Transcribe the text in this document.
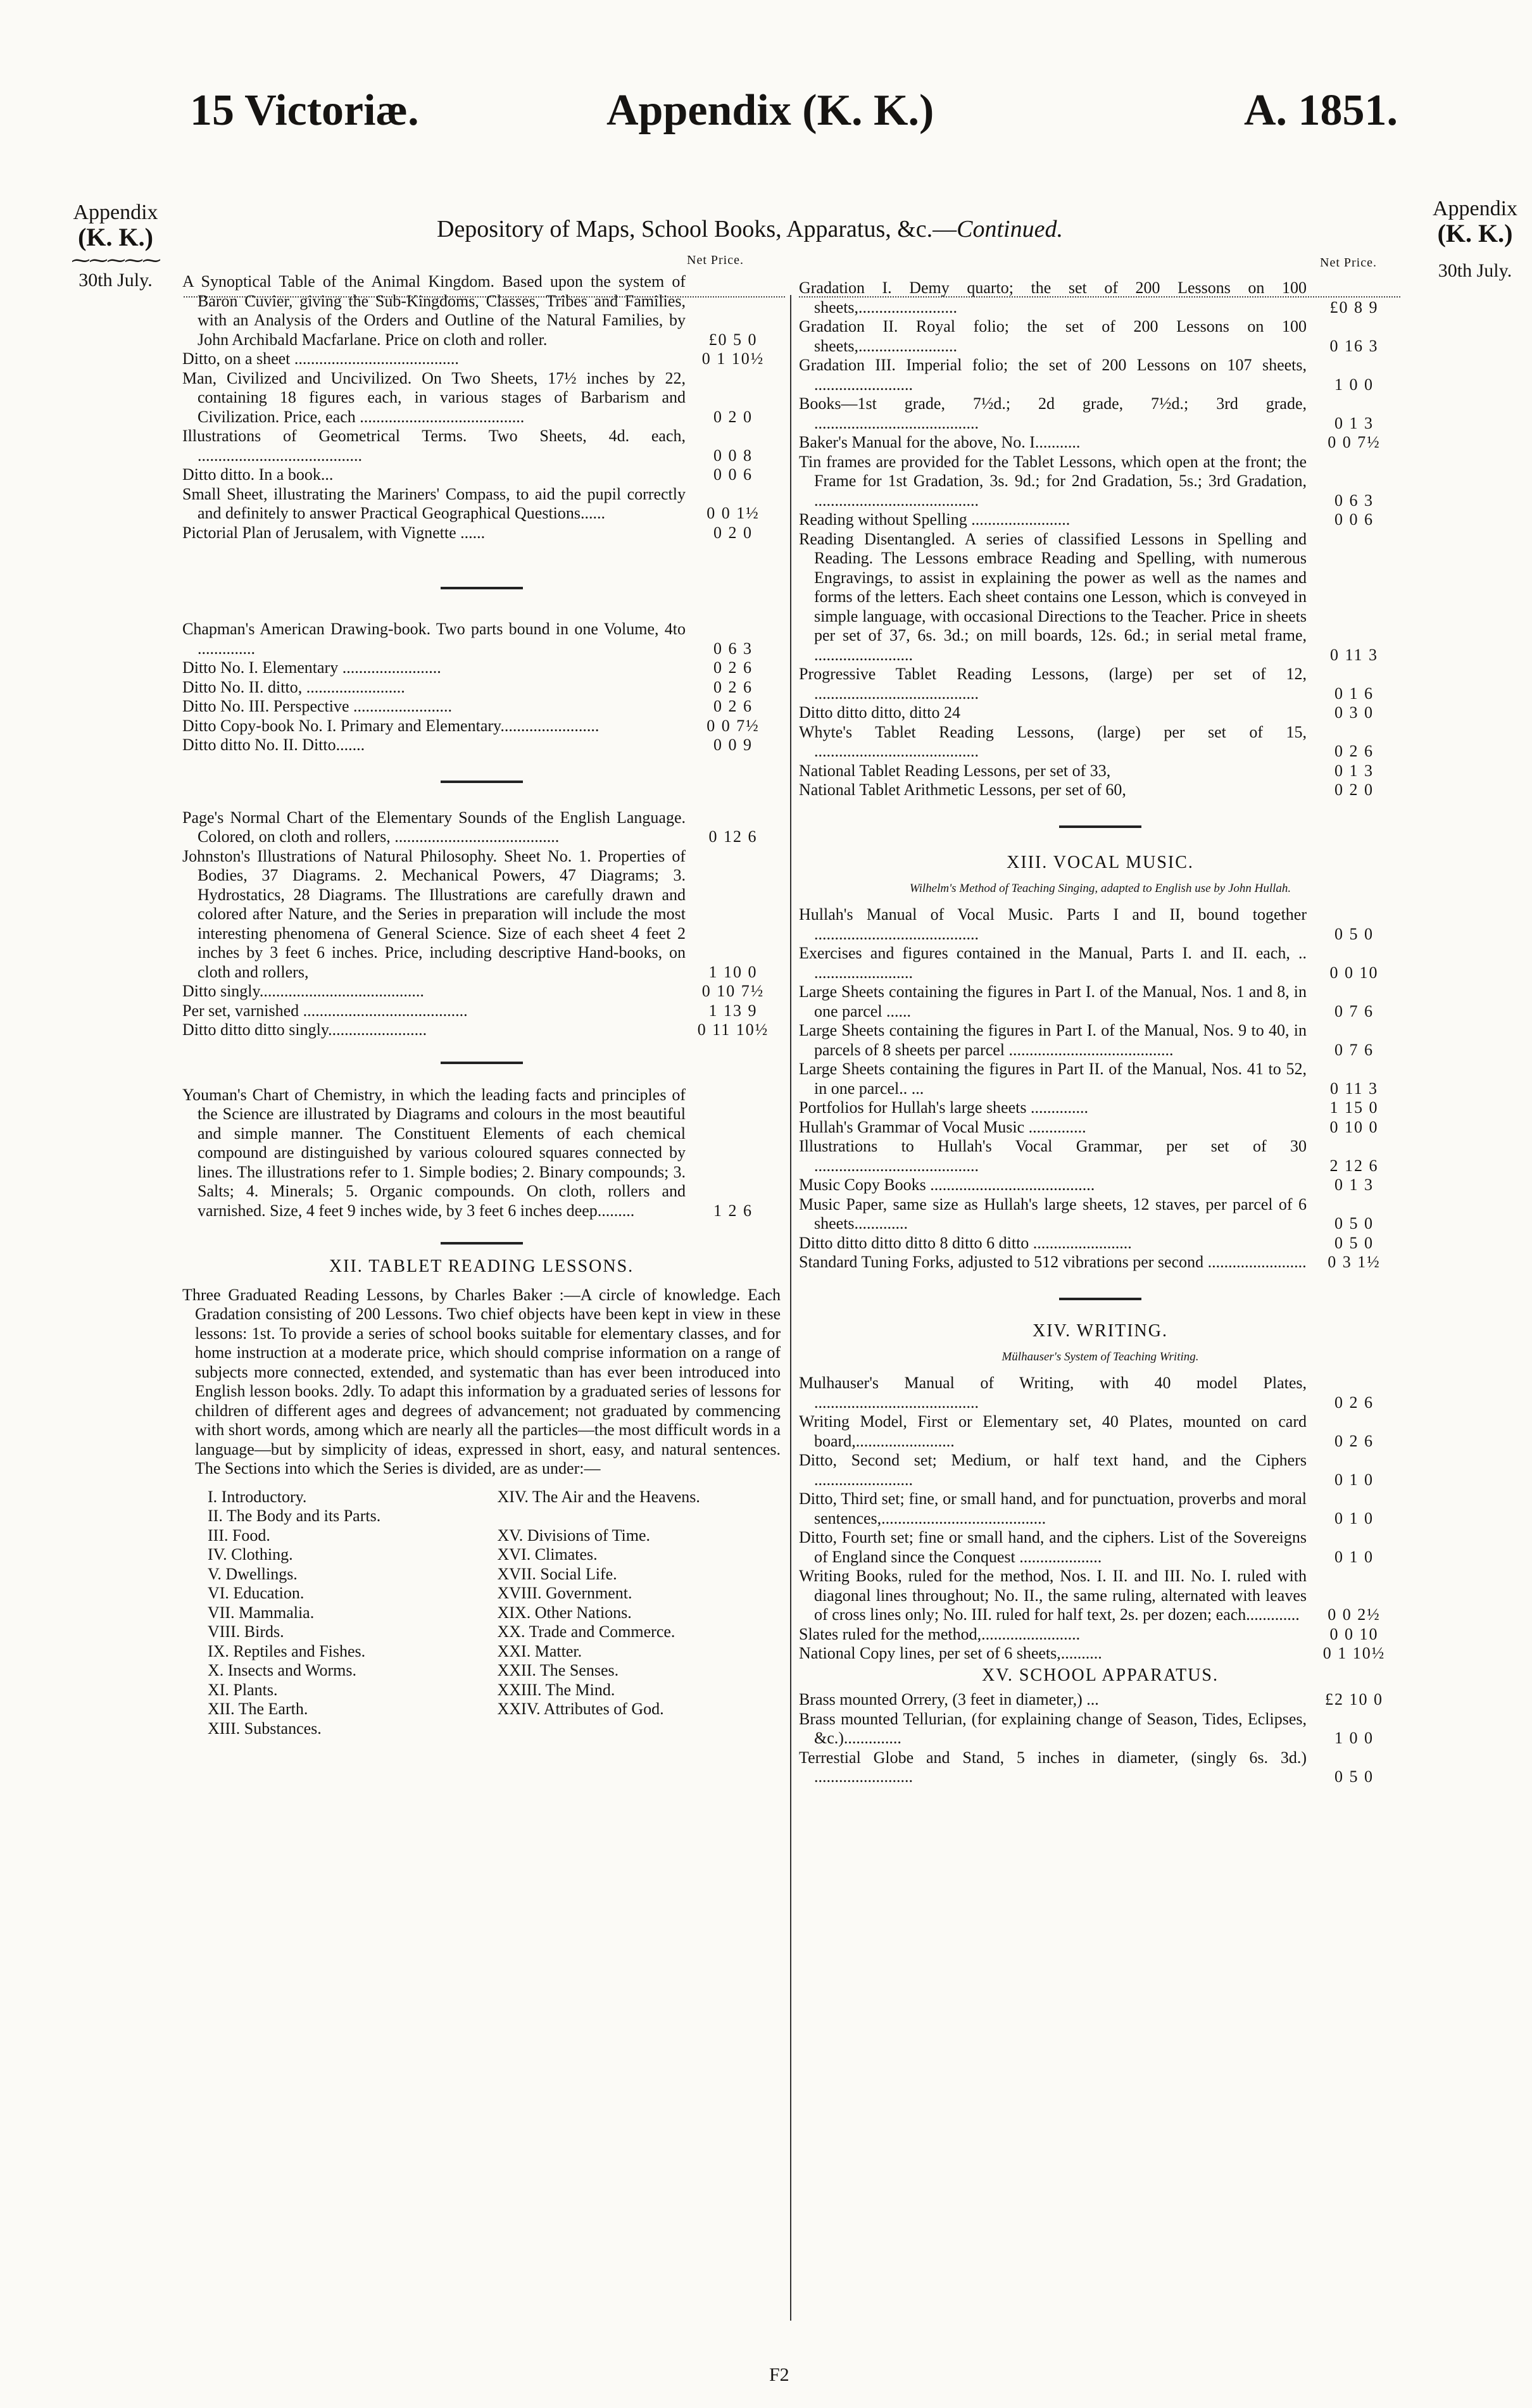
15 Victoriæ.	Appendix (K. K.)	A. 1851.
Appendix
(K. K.)
⁓⁓⁓⁓⁓
30th July.
Appendix
(K. K.)
30th July.
Depository of Maps, School Books, Apparatus, &c.—Continued.
Net Price.	Net Price.
A Synoptical Table of the Animal Kingdom. Based upon the system of Baron Cuvier, giving the Sub-Kingdoms, Classes, Tribes and Families, with an Analysis of the Orders and Outline of the Natural Families, by John Archibald Macfarlane. Price on cloth and roller.	£0 5 0
Ditto, on a sheet ........................................	0 1 10½
Man, Civilized and Uncivilized. On Two Sheets, 17½ inches by 22, containing 18 figures each, in various stages of Barbarism and Civilization. Price, each ........................................	0 2 0
Illustrations of Geometrical Terms. Two Sheets, 4d. each, ........................................	0 0 8
Ditto ditto. In a book...	0 0 6
Small Sheet, illustrating the Mariners' Compass, to aid the pupil correctly and definitely to answer Practical Geographical Questions......	0 0 1½
Pictorial Plan of Jerusalem, with Vignette ......	0 2 0
Chapman's American Drawing-book. Two parts bound in one Volume, 4to ..............	0 6 3
Ditto No. I. Elementary ........................	0 2 6
Ditto No. II. ditto, ........................	0 2 6
Ditto No. III. Perspective ........................	0 2 6
Ditto Copy-book No. I. Primary and Elementary........................	0 0 7½
Ditto ditto No. II. Ditto.......	0 0 9
Page's Normal Chart of the Elementary Sounds of the English Language. Colored, on cloth and rollers, ........................................	0 12 6
Johnston's Illustrations of Natural Philosophy. Sheet No. 1. Properties of Bodies, 37 Diagrams. 2. Mechanical Powers, 47 Diagrams; 3. Hydrostatics, 28 Diagrams. The Illustrations are carefully drawn and colored after Nature, and the Series in preparation will include the most interesting phenomena of General Science. Size of each sheet 4 feet 2 inches by 3 feet 6 inches. Price, including descriptive Hand-books, on cloth and rollers,	1 10 0
Ditto singly........................................	0 10 7½
Per set, varnished ........................................	1 13 9
Ditto ditto ditto singly........................	0 11 10½
Youman's Chart of Chemistry, in which the leading facts and principles of the Science are illustrated by Diagrams and colours in the most beautiful and simple manner. The Constituent Elements of each chemical compound are distinguished by various coloured squares connected by lines. The illustrations refer to 1. Simple bodies; 2. Binary compounds; 3. Salts; 4. Minerals; 5. Organic compounds. On cloth, rollers and varnished. Size, 4 feet 9 inches wide, by 3 feet 6 inches deep.........	1 2 6
XII. TABLET READING LESSONS.
Three Graduated Reading Lessons, by Charles Baker :—A circle of knowledge. Each Gradation consisting of 200 Lessons. Two chief objects have been kept in view in these lessons: 1st. To provide a series of school books suitable for elementary classes, and for home instruction at a moderate price, which should comprise information on a range of subjects more connected, extended, and systematic than has ever been introduced into English lesson books. 2dly. To adapt this information by a graduated series of lessons for children of different ages and degrees of advancement; not graduated by commencing with short words, among which are nearly all the particles—the most difficult words in a language—but by simplicity of ideas, expressed in short, easy, and natural sentences. The Sections into which the Series is divided, are as under:—
I. Introductory.	XIV. The Air and the Heavens.
II. The Body and its Parts.
III. Food.	XV. Divisions of Time.
IV. Clothing.	XVI. Climates.
V. Dwellings.	XVII. Social Life.
VI. Education.	XVIII. Government.
VII. Mammalia.	XIX. Other Nations.
VIII. Birds.	XX. Trade and Commerce.
IX. Reptiles and Fishes.	XXI. Matter.
X. Insects and Worms.	XXII. The Senses.
XI. Plants.	XXIII. The Mind.
XII. The Earth.	XXIV. Attributes of God.
XIII. Substances.
Gradation I. Demy quarto; the set of 200 Lessons on 100 sheets,........................	£0 8 9
Gradation II. Royal folio; the set of 200 Lessons on 100 sheets,........................	0 16 3
Gradation III. Imperial folio; the set of 200 Lessons on 107 sheets, ........................	1 0 0
Books—1st grade, 7½d.; 2d grade, 7½d.; 3rd grade, ........................................	0 1 3
Baker's Manual for the above, No. I...........	0 0 7½
Tin frames are provided for the Tablet Lessons, which open at the front; the Frame for 1st Gradation, 3s. 9d.; for 2nd Gradation, 5s.; 3rd Gradation, ........................................	0 6 3
Reading without Spelling ........................	0 0 6
Reading Disentangled. A series of classified Lessons in Spelling and Reading. The Lessons embrace Reading and Spelling, with numerous Engravings, to assist in explaining the power as well as the names and forms of the letters. Each sheet contains one Lesson, which is conveyed in simple language, with occasional Directions to the Teacher. Price in sheets per set of 37, 6s. 3d.; on mill boards, 12s. 6d.; in serial metal frame, ........................	0 11 3
Progressive Tablet Reading Lessons, (large) per set of 12, ........................................	0 1 6
Ditto ditto ditto, ditto 24	0 3 0
Whyte's Tablet Reading Lessons, (large) per set of 15, ........................................	0 2 6
National Tablet Reading Lessons, per set of 33,	0 1 3
National Tablet Arithmetic Lessons, per set of 60,	0 2 0
XIII. VOCAL MUSIC.
Wilhelm's Method of Teaching Singing, adapted to English use by John Hullah.
Hullah's Manual of Vocal Music. Parts I and II, bound together ........................................	0 5 0
Exercises and figures contained in the Manual, Parts I. and II. each, .. ........................	0 0 10
Large Sheets containing the figures in Part I. of the Manual, Nos. 1 and 8, in one parcel ......	0 7 6
Large Sheets containing the figures in Part I. of the Manual, Nos. 9 to 40, in parcels of 8 sheets per parcel ........................................	0 7 6
Large Sheets containing the figures in Part II. of the Manual, Nos. 41 to 52, in one parcel.. ...	0 11 3
Portfolios for Hullah's large sheets ..............	1 15 0
Hullah's Grammar of Vocal Music ..............	0 10 0
Illustrations to Hullah's Vocal Grammar, per set of 30 ........................................	2 12 6
Music Copy Books ........................................	0 1 3
Music Paper, same size as Hullah's large sheets, 12 staves, per parcel of 6 sheets.............	0 5 0
Ditto ditto ditto ditto 8 ditto 6 ditto ........................	0 5 0
Standard Tuning Forks, adjusted to 512 vibrations per second ........................	0 3 1½
XIV. WRITING.
Mülhauser's System of Teaching Writing.
Mulhauser's Manual of Writing, with 40 model Plates, ........................................	0 2 6
Writing Model, First or Elementary set, 40 Plates, mounted on card board,........................	0 2 6
Ditto, Second set; Medium, or half text hand, and the Ciphers ........................	0 1 0
Ditto, Third set; fine, or small hand, and for punctuation, proverbs and moral sentences,........................................	0 1 0
Ditto, Fourth set; fine or small hand, and the ciphers. List of the Sovereigns of England since the Conquest ....................	0 1 0
Writing Books, ruled for the method, Nos. I. II. and III. No. I. ruled with diagonal lines throughout; No. II., the same ruling, alternated with leaves of cross lines only; No. III. ruled for half text, 2s. per dozen; each.............	0 0 2½
Slates ruled for the method,........................	0 0 10
National Copy lines, per set of 6 sheets,..........	0 1 10½
XV. SCHOOL APPARATUS.
Brass mounted Orrery, (3 feet in diameter,) ...	£2 10 0
Brass mounted Tellurian, (for explaining change of Season, Tides, Eclipses, &c.)..............	1 0 0
Terrestial Globe and Stand, 5 inches in diameter, (singly 6s. 3d.) ........................	0 5 0
F2
